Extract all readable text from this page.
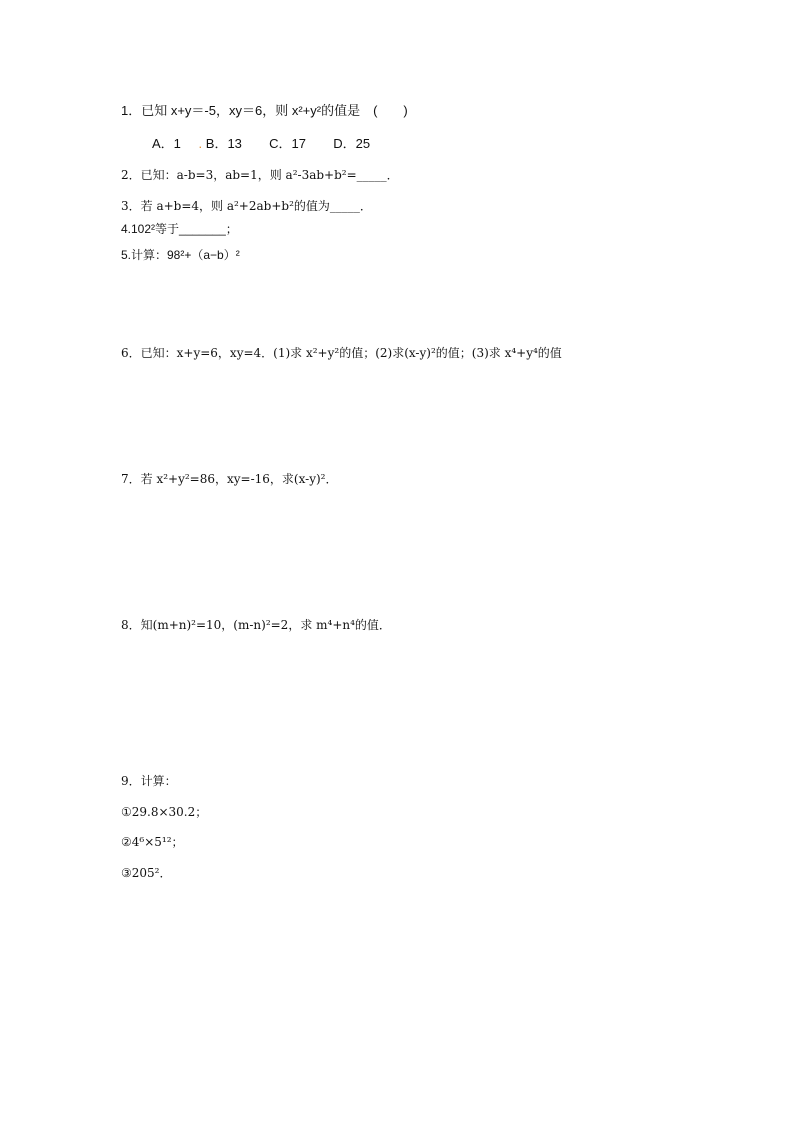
1．已知 x+y＝-5，xy＝6，则 x²+y²的值是　(　　)
A．1 . B．13 C．17 D．25
2．已知：a-b=3，ab=1，则 a²-3ab+b²=_____．
3．若 a+b=4，则 a²+2ab+b²的值为_____．
4.102²等于_______；
5.计算：98²+（a−b）²
6．已知：x+y=6，xy=4．(1)求 x²+y²的值；(2)求(x-y)²的值；(3)求 x⁴+y⁴的值
7．若 x²+y²=86，xy=-16，求(x-y)²．
8．知(m+n)²=10，(m-n)²=2，求 m⁴+n⁴的值．
9．计算：
①29.8×30.2；
②4⁶×5¹²；
③205²．
